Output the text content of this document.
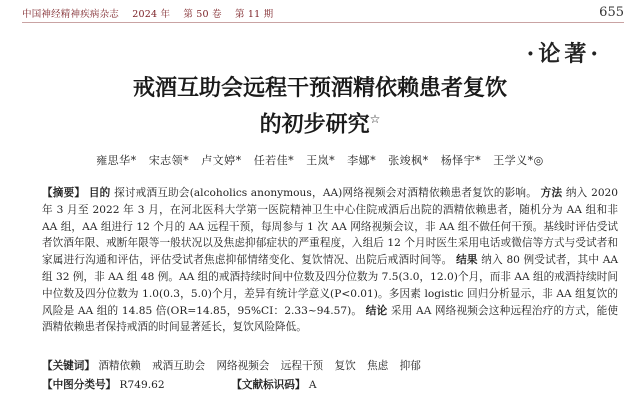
中国神经精神疾病杂志 2024 年 第 50 卷 第 11 期	655
·论著·
戒酒互助会远程干预酒精依赖患者复饮
的初步研究☆
雍思华* 宋志领* 卢文婷* 任若佳* 王岚* 李娜* 张竣枫* 杨怿宇* 王学义*◎
【摘要】 目的 探讨戒酒互助会(alcoholics anonymous，AA)网络视频会对酒精依赖患者复饮的影响。 方法 纳入 2020 年 3 月至 2022 年 3 月，在河北医科大学第一医院精神卫生中心住院戒酒后出院的酒精依赖患者，随机分为 AA 组和非 AA 组，AA 组进行 12 个月的 AA 远程干预，每周参与 1 次 AA 网络视频会议，非 AA 组不做任何干预。基线时评估受试者饮酒年限、戒断年限等一般状况以及焦虑抑郁症状的严重程度，入组后 12 个月时医生采用电话或微信等方式与受试者和家属进行沟通和评估，评估受试者焦虑抑郁情绪变化、复饮情况、出院后戒酒时间等。 结果 纳入 80 例受试者，其中 AA 组 32 例，非 AA 组 48 例。AA 组的戒酒持续时间中位数及四分位数为 7.5(3.0，12.0)个月，而非 AA 组的戒酒持续时间中位数及四分位数为 1.0(0.3，5.0)个月，差异有统计学意义(P<0.01)。多因素 logistic 回归分析显示，非 AA 组复饮的风险是 AA 组的 14.85 倍(OR=14.85，95%CI：2.33~94.57)。 结论 采用 AA 网络视频会这种远程治疗的方式，能使酒精依赖患者保持戒酒的时间显著延长，复饮风险降低。
【关键词】 酒精依赖 戒酒互助会 网络视频会 远程干预 复饮 焦虑 抑郁
【中图分类号】 R749.62	【文献标识码】 A
